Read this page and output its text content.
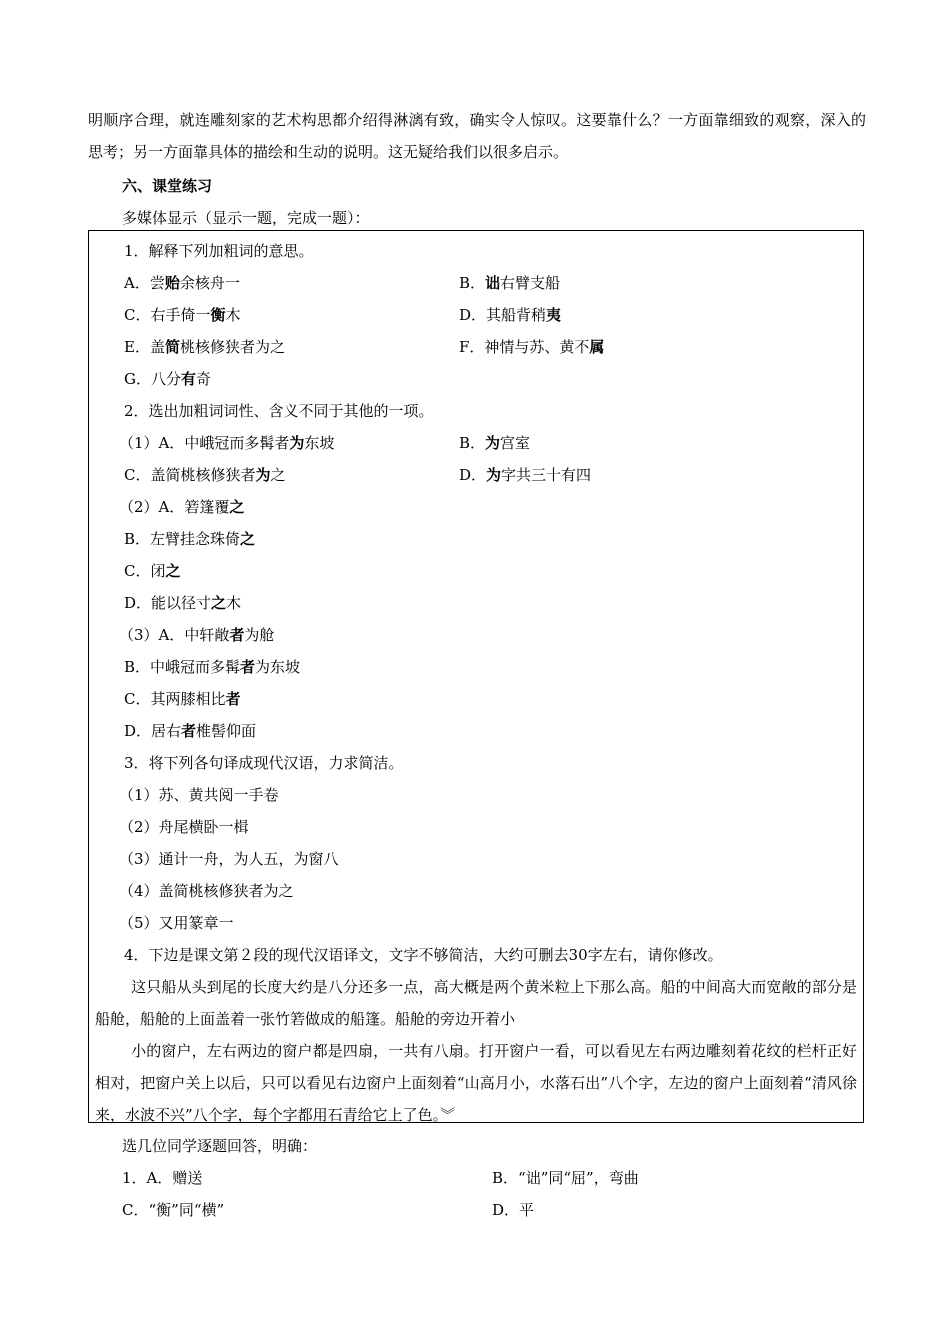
明顺序合理，就连雕刻家的艺术构思都介绍得淋漓有致，确实令人惊叹。这要靠什么？一方面靠细致的观察，深入的思考；另一方面靠具体的描绘和生动的说明。这无疑给我们以很多启示。

六、课堂练习

多媒体显示（显示一题，完成一题）：

1．解释下列加粗词的意思。
A．尝贻余核舟一	B．诎右臂支船
C．右手倚一衡木	D．其船背稍夷
E．盖简桃核修狭者为之	F．神情与苏、黄不属
G．八分有奇
2．选出加粗词词性、含义不同于其他的一项。
（1）A．中峨冠而多髯者为东坡	B．为宫室
C．盖简桃核修狭者为之	D．为字共三十有四
（2）A．箬篷覆之
B．左臂挂念珠倚之
C．闭之
D．能以径寸之木
（3）A．中轩敞者为舱
B．中峨冠而多髯者为东坡
C．其两膝相比者
D．居右者椎髻仰面
3．将下列各句译成现代汉语，力求简洁。
（1）苏、黄共阅一手卷
（2）舟尾横卧一楫
（3）通计一舟，为人五，为窗八
（4）盖简桃核修狭者为之
（5）又用篆章一
4．下边是课文第２段的现代汉语译文，文字不够简洁，大约可删去30字左右，请你修改。
这只船从头到尾的长度大约是八分还多一点，高大概是两个黄米粒上下那么高。船的中间高大而宽敞的部分是船舱，船舱的上面盖着一张竹箬做成的船篷。船舱的旁边开着小
小的窗户，左右两边的窗户都是四扇，一共有八扇。打开窗户一看，可以看见左右两边雕刻着花纹的栏杆正好相对，把窗户关上以后，只可以看见右边窗户上面刻着“山高月小，水落石出”八个字，左边的窗户上面刻着“清风徐来，水波不兴”八个字，每个字都用石青给它上了色。︾

选几位同学逐题回答，明确：

1．A．赠送	B．“诎”同“屈”，弯曲

C．“衡”同“横”	D．平
